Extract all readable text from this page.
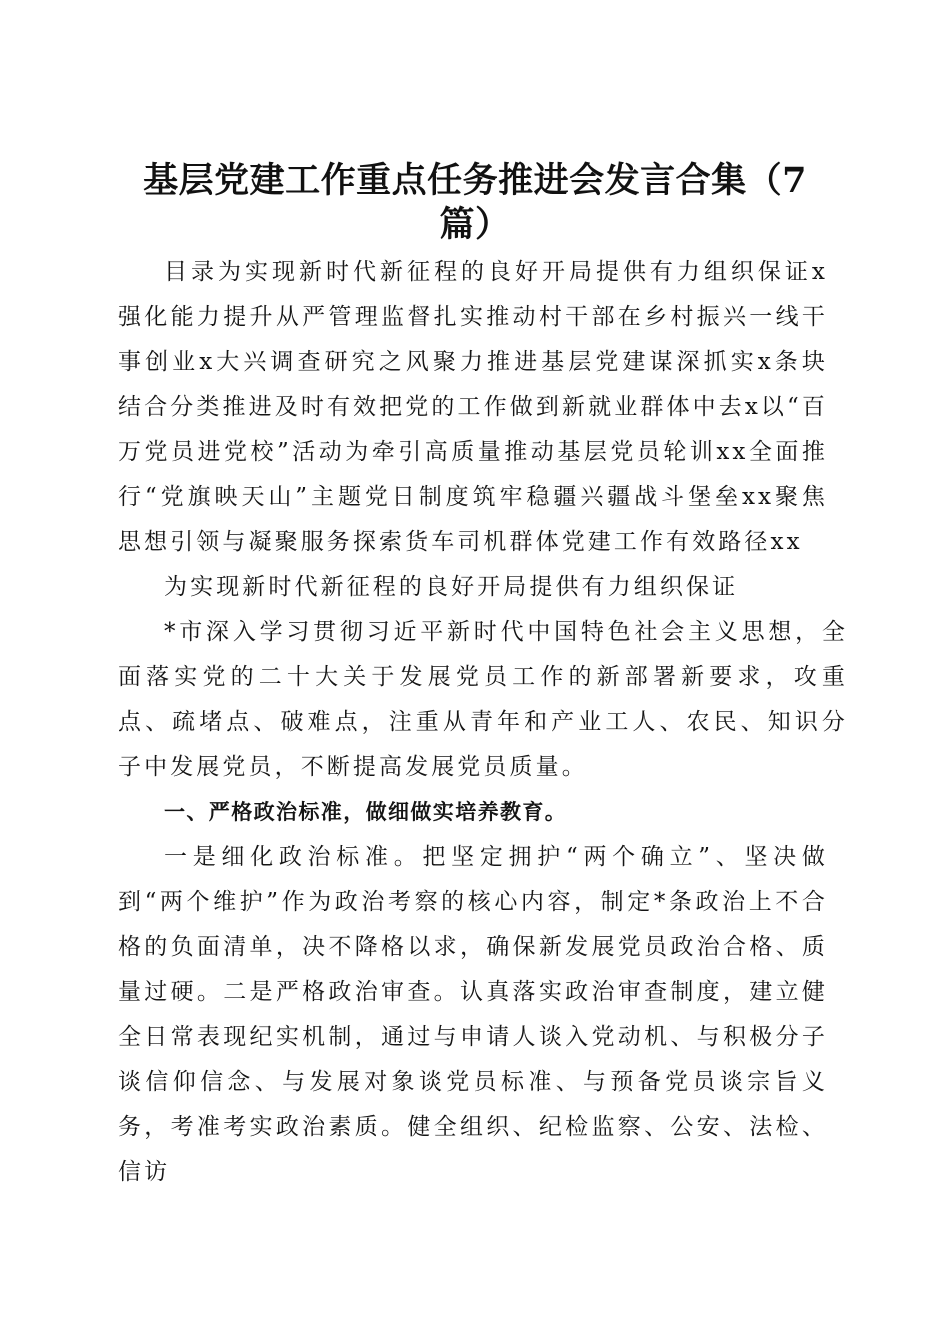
基层党建工作重点任务推进会发言合集（7
篇）

目录为实现新时代新征程的良好开局提供有力组织保证x强化能力提升从严管理监督扎实推动村干部在乡村振兴一线干事创业x大兴调查研究之风聚力推进基层党建谋深抓实x条块结合分类推进及时有效把党的工作做到新就业群体中去x以“百万党员进党校”活动为牵引高质量推动基层党员轮训xx全面推行“党旗映天山”主题党日制度筑牢稳疆兴疆战斗堡垒xx聚焦思想引领与凝聚服务探索货车司机群体党建工作有效路径xx

为实现新时代新征程的良好开局提供有力组织保证

*市深入学习贯彻习近平新时代中国特色社会主义思想，全面落实党的二十大关于发展党员工作的新部署新要求，攻重点、疏堵点、破难点，注重从青年和产业工人、农民、知识分子中发展党员，不断提高发展党员质量。

一、严格政治标准，做细做实培养教育。

一是细化政治标准。把坚定拥护“两个确立”、坚决做到“两个维护”作为政治考察的核心内容，制定*条政治上不合格的负面清单，决不降格以求，确保新发展党员政治合格、质量过硬。二是严格政治审查。认真落实政治审查制度，建立健全日常表现纪实机制，通过与申请人谈入党动机、与积极分子谈信仰信念、与发展对象谈党员标准、与预备党员谈宗旨义务，考准考实政治素质。健全组织、纪检监察、公安、法检、信访
